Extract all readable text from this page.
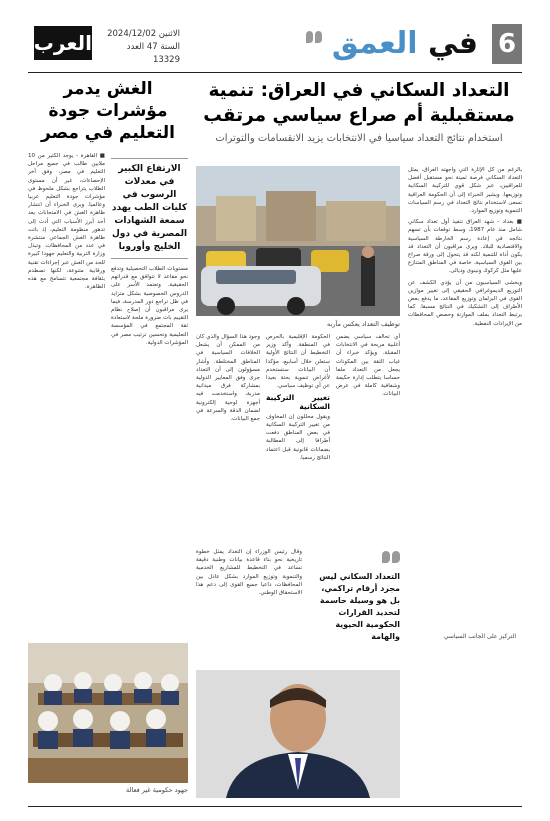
6
في العمق
الاثنين 2024/12/02
السنة 47 العدد 13329
العرب
الغش يدمر مؤشرات جودة التعليم في مصر
■ القاهرة - يوجد الكثير من 10 ملايين طالب في جميع مراحل التعليم في مصر، وفق آخر الإحصاءات، غير أن مستوى الطلاب يتراجع بشكل ملحوظ في مؤشرات جودة التعليم عربيا وعالميا. ويرى الخبراء أن انتشار ظاهرة الغش في الامتحانات يعد أحد أبرز الأسباب التي أدت إلى تدهور منظومة التعليم، إذ باتت ظاهرة الغش الجماعي منتشرة في عدد من المحافظات. وتبذل وزارة التربية والتعليم جهودا كبيرة للحد من الغش عبر إجراءات تقنية ورقابية متنوعة، لكنها تصطدم بثقافة مجتمعية تتسامح مع هذه الظاهرة.
الارتفاع الكبير في معدلات الرسوب في كليات الطب يهدد سمعة الشهادات المصرية في دول الخليج وأوروبا
مستويات الطلاب التحصيلية وتدفع نحو مقاعد لا تتوافق مع قدراتهم الحقيقية. وتعتمد الأسر على الدروس الخصوصية بشكل متزايد في ظل تراجع دور المدرسة، فيما يرى مراقبون أن إصلاح نظام التقييم بات ضرورة ملحة لاستعادة ثقة المجتمع في المؤسسة التعليمية وتحسين ترتيب مصر في المؤشرات الدولية.
جهود حكومية غير فعالة
التعداد السكاني في العراق: تنمية مستقبلية أم صراع سياسي مرتقب
استخدام نتائج التعداد سياسيا في الانتخابات يزيد الانقسامات والتوترات
توظيف التعداد يعكس مآربه

بالرغم من كل الإثارة التي واجهته العراق، يمثل التعداد السكاني فرصة ثمينة نحو مستقبل أفضل للعراقيين، عبر شكل قوي للتركيبة السكانية وتوزيعها. ويشير الخبراء إلى أن الحكومة العراقية تسعى لاستخدام نتائج التعداد في رسم السياسات التنموية وتوزيع الموارد.

■ بغداد - شهد العراق تنفيذ أول تعداد سكاني شامل منذ عام 1987، وسط توقعات بأن تسهم نتائجه في إعادة رسم الخارطة السياسية والاقتصادية للبلاد. ويرى مراقبون أن التعداد قد يكون أداة للتنمية لكنه قد يتحول إلى ورقة صراع بين القوى السياسية، خاصة في المناطق المتنازع عليها مثل كركوك ونينوى وديالى.

ويخشى السياسيون من أن يؤدي الكشف عن التوزيع الديموغرافي الحقيقي إلى تغيير موازين القوى في البرلمان وتوزيع المقاعد، ما يدفع بعض الأطراف إلى التشكيك في النتائج مسبقا. كما يرتبط التعداد بملف الموازنة وحصص المحافظات من الإيرادات النفطية.

وجود هذا السؤال والذي كان من الممكن أن يشعل الخلافات السياسية في المناطق المختلطة. وأشار مسؤولون إلى أن التعداد جرى وفق المعايير الدولية بمشاركة فرق ميدانية مدربة، واستخدمت فيه أجهزة لوحية إلكترونية لضمان الدقة والسرعة في جمع البيانات.
الحكومة الإقليمية بالحرص في المنطقة. وأكد وزير التخطيط أن النتائج الأولية ستعلن خلال أسابيع، مؤكدا أن البيانات ستستخدم لأغراض تنموية بحتة بعيدا عن أي توظيف سياسي.
تغيير التركيبة السكانية
ويقول محللون إن المخاوف من تغيير التركيبة السكانية في بعض المناطق دفعت أطرافا إلى المطالبة بضمانات قانونية قبل اعتماد النتائج رسميا.
أي تحالف سياسي يضمن أغلبية مريحة في الانتخابات المقبلة. ويؤكد خبراء أن غياب الثقة بين المكونات يجعل من التعداد ملفا حساسا يتطلب إدارة حكيمة وشفافية كاملة في عرض البيانات.

التعداد السكاني ليس مجرد أرقام تراكمي، بل هو وسيلة حاسمة لتحديد القرارات الحكومية الحيوية والهامة

وقال رئيس الوزراء إن التعداد يمثل خطوة تاريخية نحو بناء قاعدة بيانات وطنية دقيقة تساعد في التخطيط للمشاريع الخدمية والتنموية وتوزيع الموارد بشكل عادل بين المحافظات، داعيا جميع القوى إلى دعم هذا الاستحقاق الوطني.
التركيز على الجانب السياسي
